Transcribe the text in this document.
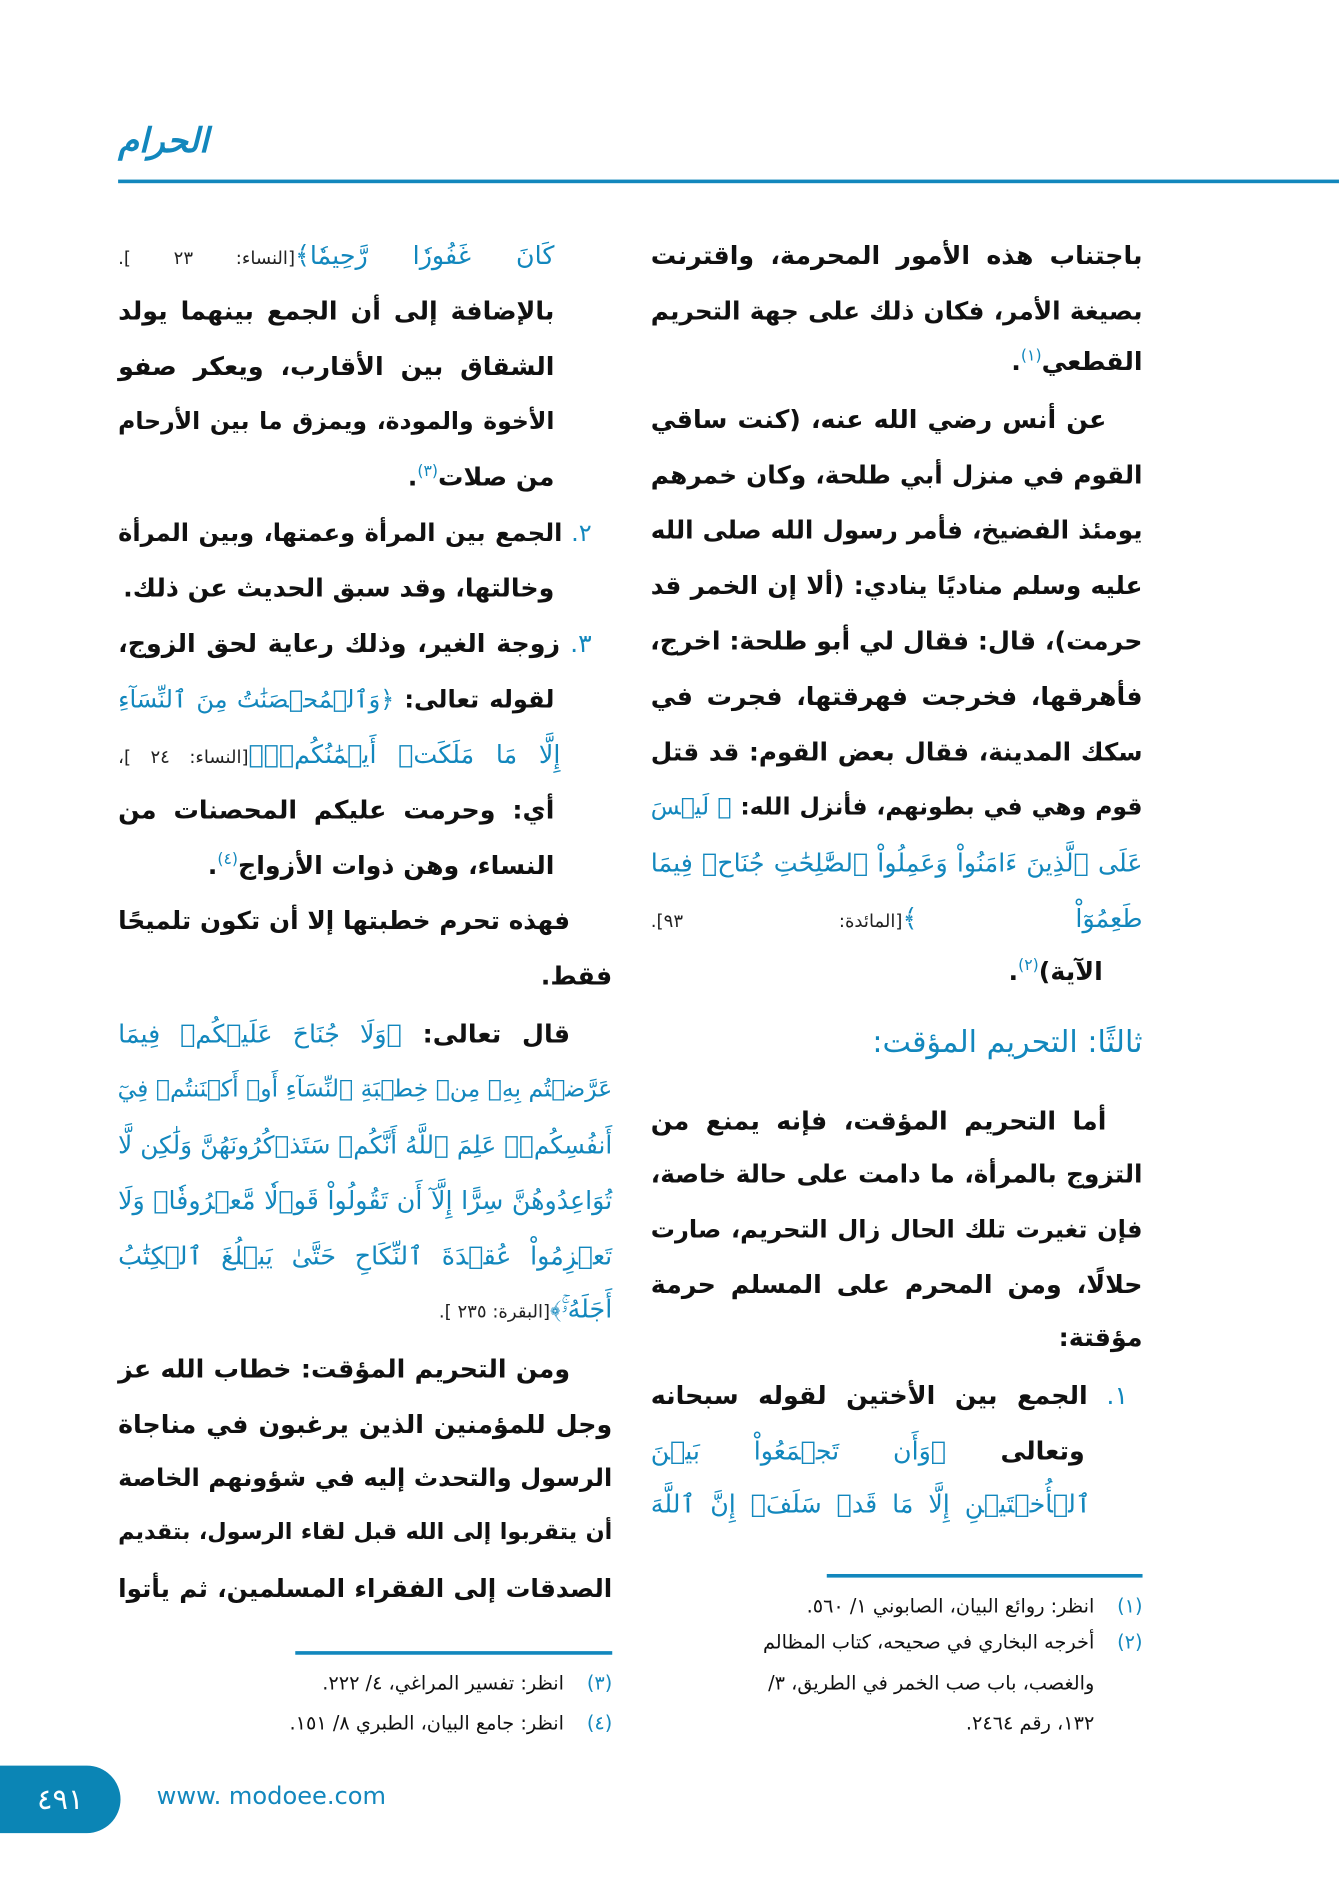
الحرام
باجتناب هذه الأمور المحرمة، واقترنت
بصيغة الأمر، فكان ذلك على جهة التحريم
القطعي$^{(١)}$.
عن أنس رضي الله عنه، (كنت ساقي
القوم في منزل أبي طلحة، وكان خمرهم
يومئذ الفضيخ، فأمر رسول الله صلى الله
عليه وسلم مناديًا ينادي: (ألا إن الخمر قد
حرمت)، قال: فقال لي أبو طلحة: اخرج،
فأهرقها، فخرجت فهرقتها، فجرت في
سكك المدينة، فقال بعض القوم: قد قتل
قوم وهي في بطونهم، فأنزل الله: ﴿ لَيۡسَ
عَلَى ٱلَّذِينَ ءَامَنُواْ وَعَمِلُواْ ٱلصَّٰلِحَٰتِ جُنَاحٞ فِيمَا
طَعِمُوٓاْ ﴾[المائدة: ٩٣].
الآية)$^{(٢)}$.
ثالثًا: التحريم المؤقت:
أما التحريم المؤقت، فإنه يمنع من
التزوج بالمرأة، ما دامت على حالة خاصة،
فإن تغيرت تلك الحال زال التحريم، صارت
حلالًا، ومن المحرم على المسلم حرمة
مؤقتة:
١. الجمع بين الأختين لقوله سبحانه
وتعالى ﴿وَأَن تَجۡمَعُواْ بَيۡنَ
ٱلۡأُخۡتَيۡنِ إِلَّا مَا قَدۡ سَلَفَۚ إِنَّ ٱللَّهَ
كَانَ غَفُورٗا رَّحِيمٗا﴾[النساء: ٢٣ ].
بالإضافة إلى أن الجمع بينهما يولد
الشقاق بين الأقارب، ويعكر صفو
الأخوة والمودة، ويمزق ما بين الأرحام
من صلات$^{(٣)}$.
٢. الجمع بين المرأة وعمتها، وبين المرأة
وخالتها، وقد سبق الحديث عن ذلك.
٣. زوجة الغير، وذلك رعاية لحق الزوج،
لقوله تعالى: ﴿وَٱلۡمُحۡصَنَٰتُ مِنَ ٱلنِّسَآءِ
إِلَّا مَا مَلَكَتۡ أَيۡمَٰنُكُمۡۖ﴾[النساء: ٢٤ ]،
أي: وحرمت عليكم المحصنات من
النساء، وهن ذوات الأزواج$^{(٤)}$.
فهذه تحرم خطبتها إلا أن تكون تلميحًا
فقط.
قال تعالى: ﴿وَلَا جُنَاحَ عَلَيۡكُمۡ فِيمَا
عَرَّضۡتُم بِهِۦ مِنۡ خِطۡبَةِ ٱلنِّسَآءِ أَوۡ أَكۡنَنتُمۡ فِيٓ
أَنفُسِكُمۡۚ عَلِمَ ٱللَّهُ أَنَّكُمۡ سَتَذۡكُرُونَهُنَّ وَلَٰكِن لَّا
تُوَاعِدُوهُنَّ سِرًّا إِلَّآ أَن تَقُولُواْ قَوۡلٗا مَّعۡرُوفٗاۚ وَلَا
تَعۡزِمُواْ عُقۡدَةَ ٱلنِّكَاحِ حَتَّىٰ يَبۡلُغَ ٱلۡكِتَٰبُ
أَجَلَهُۥۚ﴾[البقرة: ٢٣٥ ].
ومن التحريم المؤقت: خطاب الله عز
وجل للمؤمنين الذين يرغبون في مناجاة
الرسول والتحدث إليه في شؤونهم الخاصة
أن يتقربوا إلى الله قبل لقاء الرسول، بتقديم
الصدقات إلى الفقراء المسلمين، ثم يأتوا
(١)
انظر: روائع البيان، الصابوني ١/ ٥٦٠.
(٢)
أخرجه البخاري في صحيحه، كتاب المظالم
والغصب، باب صب الخمر في الطريق، ٣/
١٣٢، رقم ٢٤٦٤.
(٣)
انظر: تفسير المراغي، ٤/ ٢٢٢.
(٤)
انظر: جامع البيان، الطبري ٨/ ١٥١.
٤٩١	www. modoee.com
